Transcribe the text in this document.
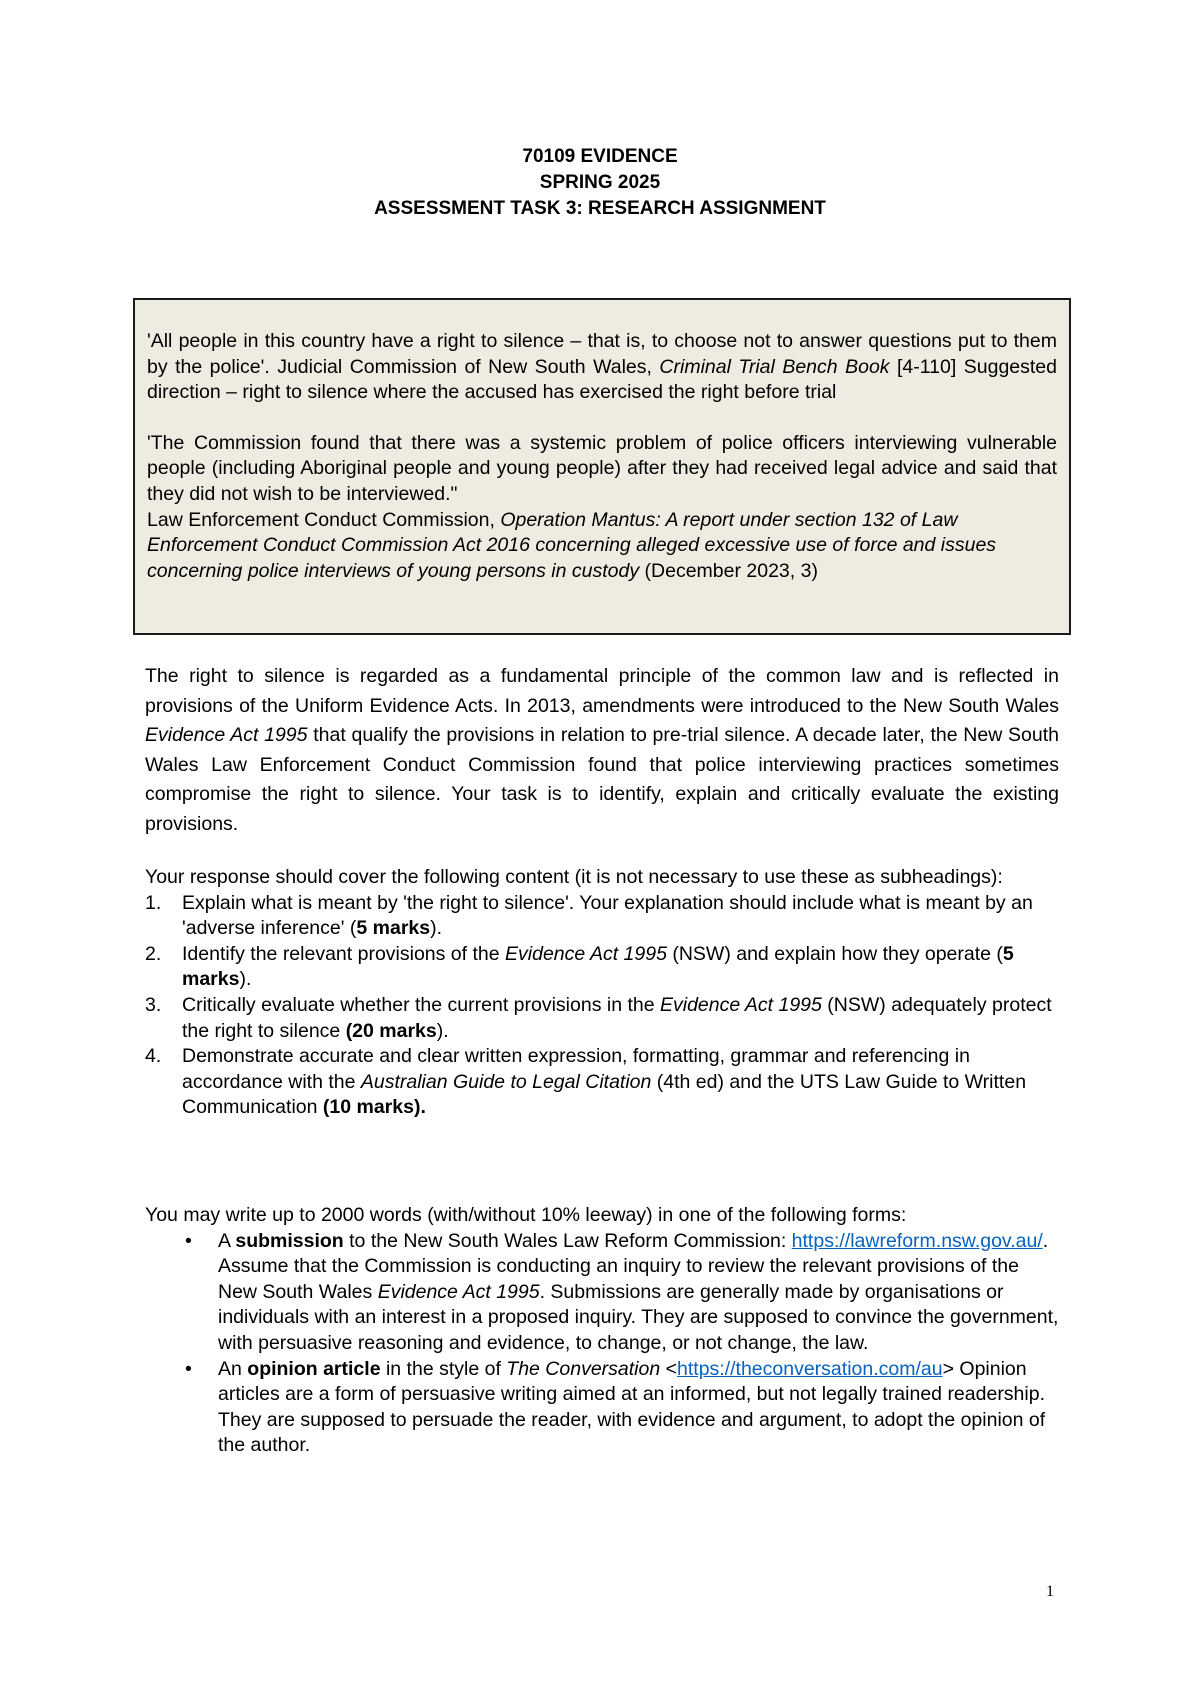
70109 EVIDENCE
SPRING 2025
ASSESSMENT TASK 3: RESEARCH ASSIGNMENT

'All people in this country have a right to silence – that is, to choose not to answer questions put to them by the police'. Judicial Commission of New South Wales, Criminal Trial Bench Book [4-110] Suggested direction – right to silence where the accused has exercised the right before trial

'The Commission found that there was a systemic problem of police officers interviewing vulnerable people (including Aboriginal people and young people) after they had received legal advice and said that they did not wish to be interviewed."

Law Enforcement Conduct Commission, Operation Mantus: A report under section 132 of Law Enforcement Conduct Commission Act 2016 concerning alleged excessive use of force and issues concerning police interviews of young persons in custody (December 2023, 3)

The right to silence is regarded as a fundamental principle of the common law and is reflected in provisions of the Uniform Evidence Acts. In 2013, amendments were introduced to the New South Wales Evidence Act 1995 that qualify the provisions in relation to pre-trial silence. A decade later, the New South Wales Law Enforcement Conduct Commission found that police interviewing practices sometimes compromise the right to silence. Your task is to identify, explain and critically evaluate the existing provisions.

Your response should cover the following content (it is not necessary to use these as subheadings):

1. Explain what is meant by 'the right to silence'. Your explanation should include what is meant by an 'adverse inference' (5 marks).
2. Identify the relevant provisions of the Evidence Act 1995 (NSW) and explain how they operate (5 marks).
3. Critically evaluate whether the current provisions in the Evidence Act 1995 (NSW) adequately protect the right to silence (20 marks).
4. Demonstrate accurate and clear written expression, formatting, grammar and referencing in accordance with the Australian Guide to Legal Citation (4th ed) and the UTS Law Guide to Written Communication (10 marks).

You may write up to 2000 words (with/without 10% leeway) in one of the following forms:

• A submission to the New South Wales Law Reform Commission: https://lawreform.nsw.gov.au/. Assume that the Commission is conducting an inquiry to review the relevant provisions of the New South Wales Evidence Act 1995. Submissions are generally made by organisations or individuals with an interest in a proposed inquiry. They are supposed to convince the government, with persuasive reasoning and evidence, to change, or not change, the law.
• An opinion article in the style of The Conversation <https://theconversation.com/au> Opinion articles are a form of persuasive writing aimed at an informed, but not legally trained readership. They are supposed to persuade the reader, with evidence and argument, to adopt the opinion of the author.
1
